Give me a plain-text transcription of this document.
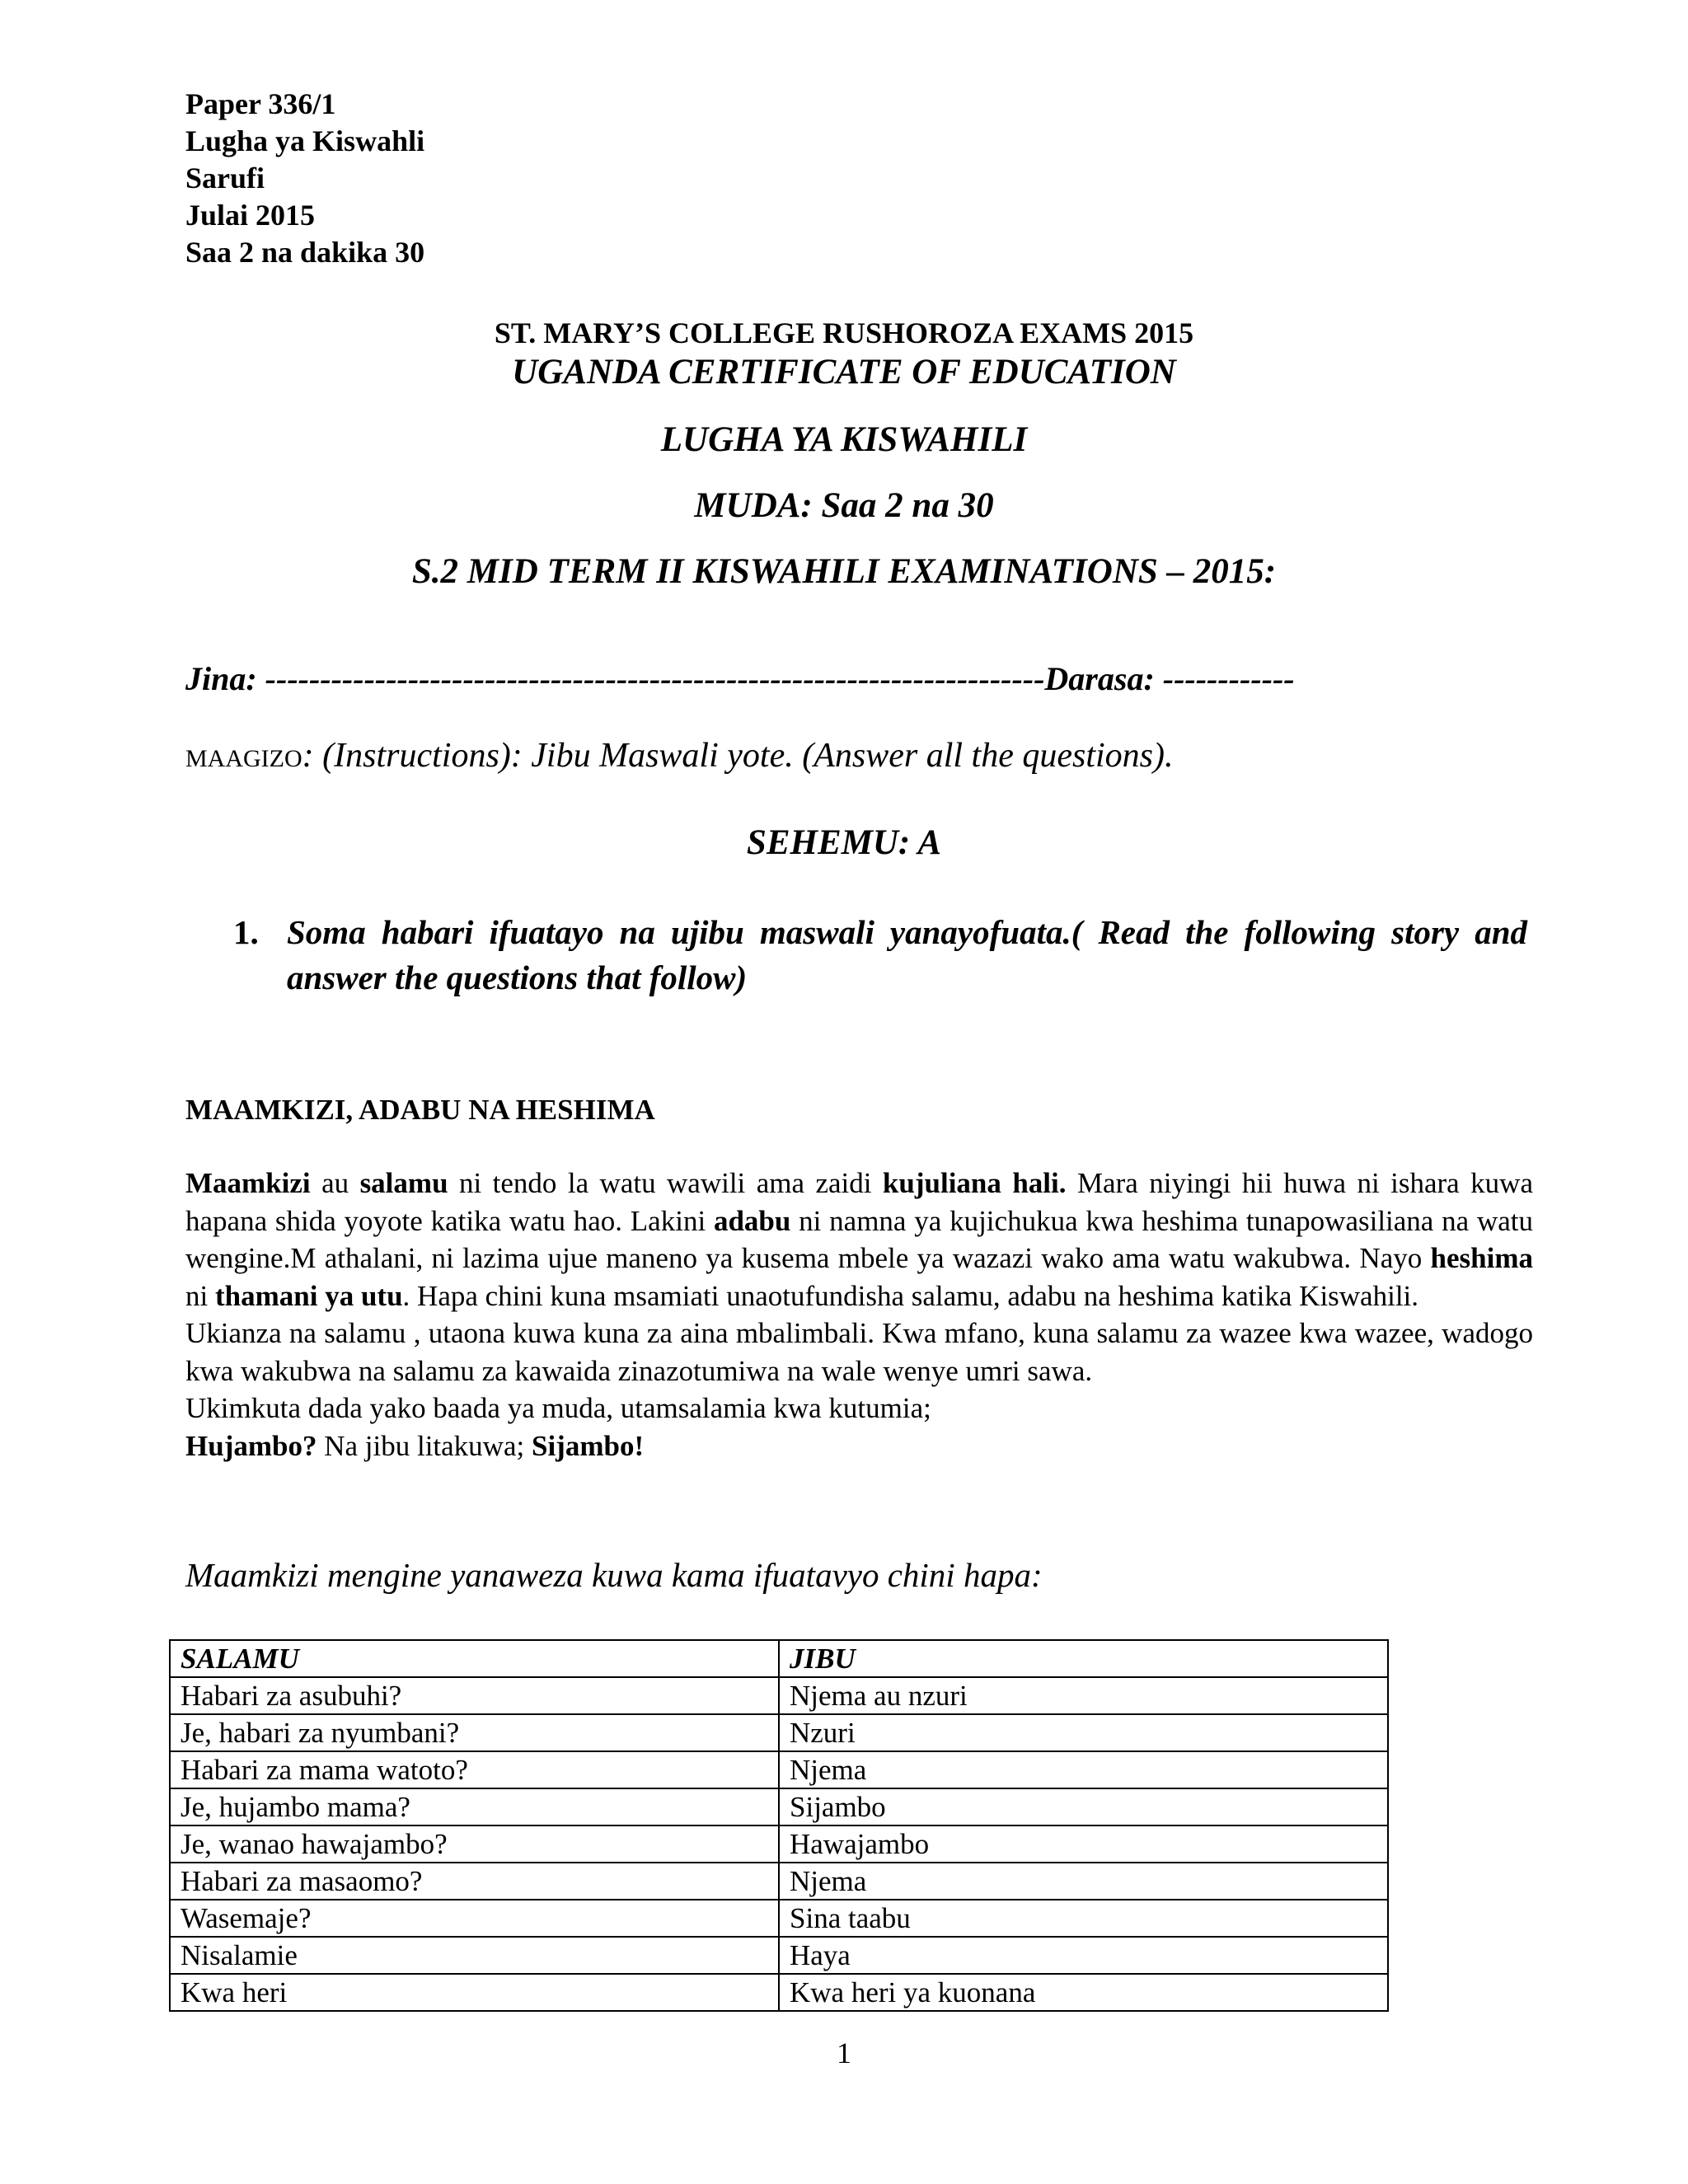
Paper 336/1
Lugha ya Kiswahli
Sarufi
Julai 2015
Saa 2 na dakika 30
ST. MARY’S COLLEGE RUSHOROZA EXAMS 2015
UGANDA CERTIFICATE OF EDUCATION
LUGHA YA KISWAHILI
MUDA: Saa 2 na 30
S.2 MID TERM II KISWAHILI EXAMINATIONS – 2015:
Jina: -----------------------------------------------------------------------Darasa: ------------
MAAGIZO: (Instructions): Jibu Maswali yote. (Answer all the questions).
SEHEMU: A
1. Soma habari ifuatayo na ujibu maswali yanayofuata.( Read the following story and answer the questions that follow)
MAAMKIZI, ADABU NA HESHIMA

Maamkizi au salamu ni tendo la watu wawili ama zaidi kujuliana hali. Mara niyingi hii huwa ni ishara kuwa hapana shida yoyote katika watu hao. Lakini adabu ni namna ya kujichukua kwa heshima tunapowasiliana na watu wengine.M athalani, ni lazima ujue maneno ya kusema mbele ya wazazi wako ama watu wakubwa. Nayo heshima ni thamani ya utu. Hapa chini kuna msamiati unaotufundisha salamu, adabu na heshima katika Kiswahili.

Ukianza na salamu , utaona kuwa kuna za aina mbalimbali. Kwa mfano, kuna salamu za wazee kwa wazee, wadogo kwa wakubwa na salamu za kawaida zinazotumiwa na wale wenye umri sawa.

Ukimkuta dada yako baada ya muda, utamsalamia kwa kutumia;

Hujambo? Na jibu litakuwa; Sijambo!

Maamkizi mengine yanaweza kuwa kama ifuatavyo chini hapa:
SALAMU	JIBU
Habari za asubuhi?	Njema au nzuri
Je, habari za nyumbani?	Nzuri
Habari za mama watoto?	Njema
Je, hujambo mama?	Sijambo
Je, wanao hawajambo?	Hawajambo
Habari za masaomo?	Njema
Wasemaje?	Sina taabu
Nisalamie	Haya
Kwa heri	Kwa heri ya kuonana
1
